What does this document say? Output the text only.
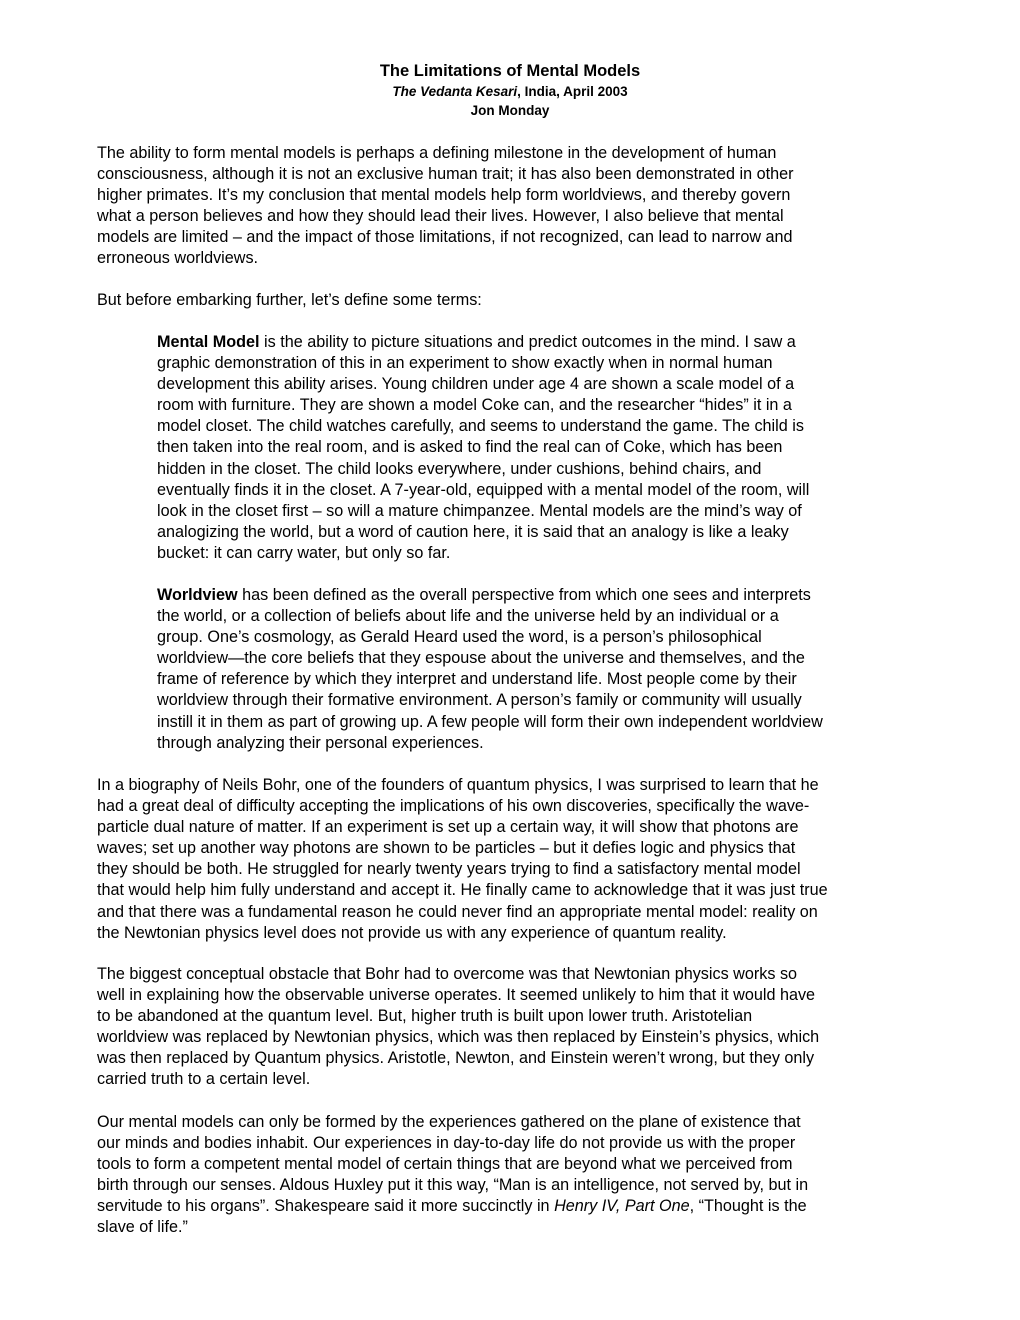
The Limitations of Mental Models
The Vedanta Kesari, India, April 2003
Jon Monday
The ability to form mental models is perhaps a defining milestone in the development of human
consciousness, although it is not an exclusive human trait; it has also been demonstrated in other
higher primates. It’s my conclusion that mental models help form worldviews, and thereby govern
what a person believes and how they should lead their lives. However, I also believe that mental
models are limited – and the impact of those limitations, if not recognized, can lead to narrow and
erroneous worldviews.
But before embarking further, let’s define some terms:
Mental Model is the ability to picture situations and predict outcomes in the mind. I saw a
graphic demonstration of this in an experiment to show exactly when in normal human
development this ability arises. Young children under age 4 are shown a scale model of a
room with furniture. They are shown a model Coke can, and the researcher “hides” it in a
model closet. The child watches carefully, and seems to understand the game. The child is
then taken into the real room, and is asked to find the real can of Coke, which has been
hidden in the closet. The child looks everywhere, under cushions, behind chairs, and
eventually finds it in the closet. A 7-year-old, equipped with a mental model of the room, will
look in the closet first – so will a mature chimpanzee. Mental models are the mind’s way of
analogizing the world, but a word of caution here, it is said that an analogy is like a leaky
bucket: it can carry water, but only so far.
Worldview has been defined as the overall perspective from which one sees and interprets
the world, or a collection of beliefs about life and the universe held by an individual or a
group. One’s cosmology, as Gerald Heard used the word, is a person’s philosophical
worldview—the core beliefs that they espouse about the universe and themselves, and the
frame of reference by which they interpret and understand life. Most people come by their
worldview through their formative environment. A person’s family or community will usually
instill it in them as part of growing up. A few people will form their own independent worldview
through analyzing their personal experiences.
In a biography of Neils Bohr, one of the founders of quantum physics, I was surprised to learn that he
had a great deal of difficulty accepting the implications of his own discoveries, specifically the wave-
particle dual nature of matter. If an experiment is set up a certain way, it will show that photons are
waves; set up another way photons are shown to be particles – but it defies logic and physics that
they should be both. He struggled for nearly twenty years trying to find a satisfactory mental model
that would help him fully understand and accept it. He finally came to acknowledge that it was just true
and that there was a fundamental reason he could never find an appropriate mental model: reality on
the Newtonian physics level does not provide us with any experience of quantum reality.
The biggest conceptual obstacle that Bohr had to overcome was that Newtonian physics works so
well in explaining how the observable universe operates. It seemed unlikely to him that it would have
to be abandoned at the quantum level. But, higher truth is built upon lower truth. Aristotelian
worldview was replaced by Newtonian physics, which was then replaced by Einstein’s physics, which
was then replaced by Quantum physics. Aristotle, Newton, and Einstein weren’t wrong, but they only
carried truth to a certain level.
Our mental models can only be formed by the experiences gathered on the plane of existence that
our minds and bodies inhabit. Our experiences in day-to-day life do not provide us with the proper
tools to form a competent mental model of certain things that are beyond what we perceived from
birth through our senses. Aldous Huxley put it this way, “Man is an intelligence, not served by, but in
servitude to his organs”. Shakespeare said it more succinctly in Henry IV, Part One, “Thought is the
slave of life.”
